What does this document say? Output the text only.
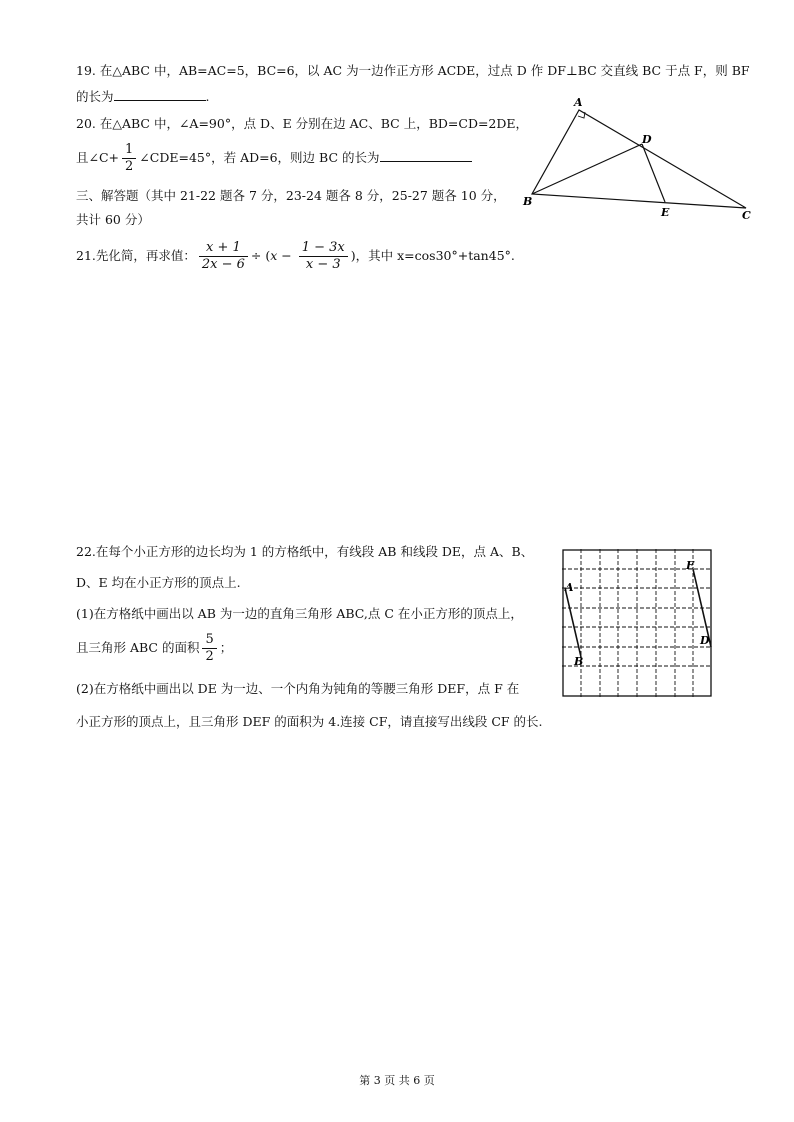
19. 在△ABC 中，AB=AC=5，BC=6，以 AC 为一边作正方形 ACDE，过点 D 作 DF⊥BC 交直线 BC 于点 F，则 BF
的长为	.
20. 在△ABC 中，∠A=90°，点 D、E 分别在边 AC、BC 上，BD=CD=2DE，
且∠C+ $\frac{1}{2}$ ∠CDE=45°，若 AD=6，则边 BC 的长为
三、解答题（其中 21-22 题各 7 分，23-24 题各 8 分，25-27 题各 10 分，
共计 60 分）
21.先化简，再求值： $\frac{x + 1}{2x - 6} \div (x - \frac{1 - 3x}{x - 3}$ )，其中 x=cos30°+tan45°.
A
D
B
E	C
22.在每个小正方形的边长均为 1 的方格纸中，有线段 AB 和线段 DE，点 A、B、
D、E 均在小正方形的顶点上.
(1)在方格纸中画出以 AB 为一边的直角三角形 ABC,点 C 在小正方形的顶点上，
且三角形 ABC 的面积 $\frac{5}{2}$ ；
(2)在方格纸中画出以 DE 为一边、一个内角为钝角的等腰三角形 DEF，点 F 在
小正方形的顶点上，且三角形 DEF 的面积为 4.连接 CF，请直接写出线段 CF 的长.
E
A
D
B
第 3 页 共 6 页
